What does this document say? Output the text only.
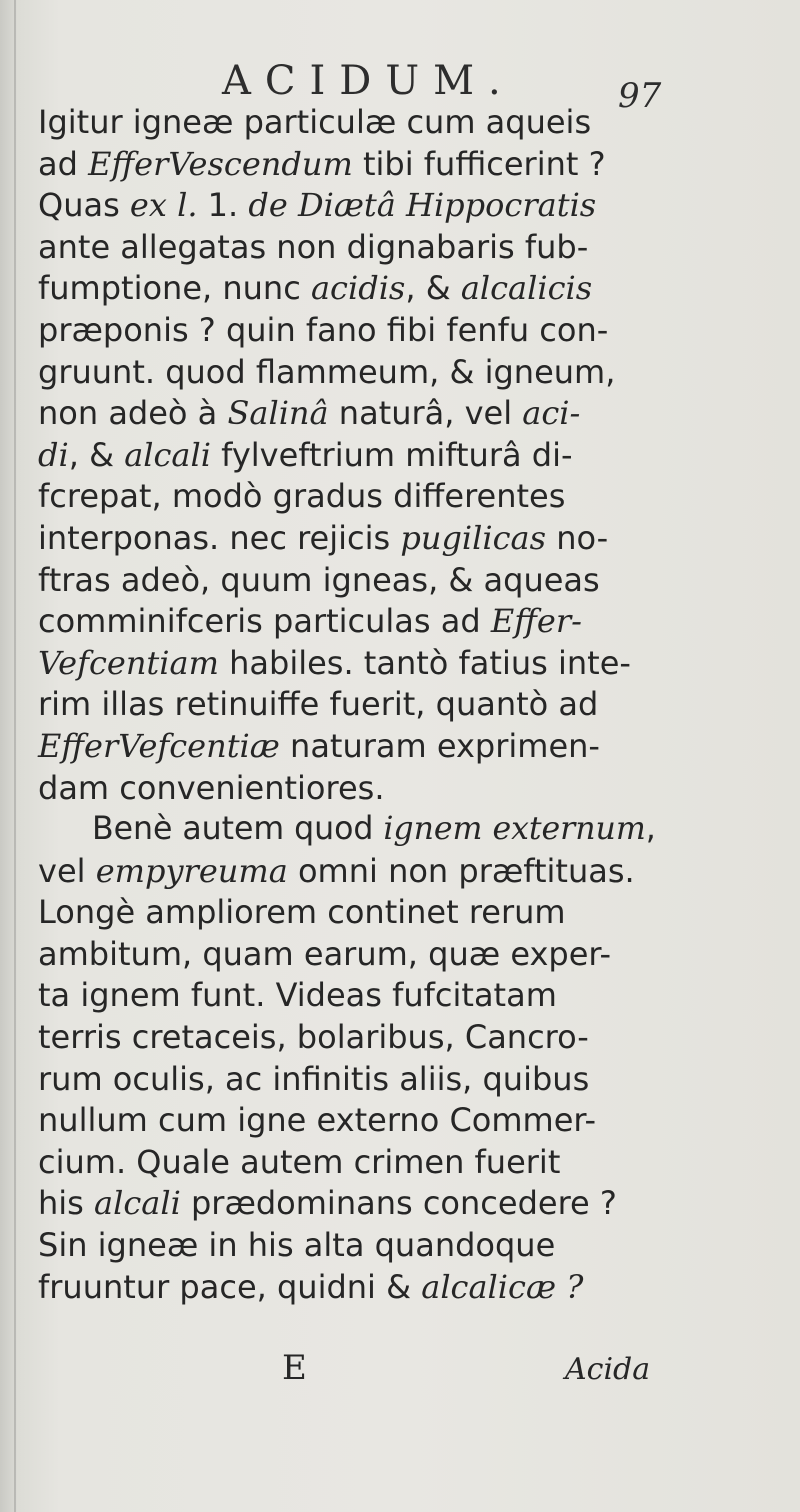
ACIDUM.	97
Igitur igneæ particulæ cum aqueis
ad EfferVescendum tibi fufficerint ?
Quas ex l. 1. de Diætâ Hippocratis
ante allegatas non dignabaris fub-
fumptione, nunc acidis, & alcalicis
præponis ? quin fano fibi fenfu con-
gruunt. quod flammeum, & igneum,
non adeò à Salinâ naturâ, vel aci-
di, & alcali fylveftrium mifturâ di-
fcrepat, modò gradus differentes
interponas. nec rejicis pugilicas no-
ftras adeò, quum igneas, & aqueas
comminifceris particulas ad Effer-
Vefcentiam habiles. tantò fatius inte-
rim illas retinuiffe fuerit, quantò ad
EfferVefcentiæ naturam exprimen-
dam convenientiores.
Benè autem quod ignem externum,
vel empyreuma omni non præftituas.
Longè ampliorem continet rerum
ambitum, quam earum, quæ exper-
ta ignem funt. Videas fufcitatam
terris cretaceis, bolaribus, Cancro-
rum oculis, ac infinitis aliis, quibus
nullum cum igne externo Commer-
cium. Quale autem crimen fuerit
his alcali prædominans concedere ?
Sin igneæ in his alta quandoque
fruuntur pace, quidni & alcalicæ ?
E	Acida
